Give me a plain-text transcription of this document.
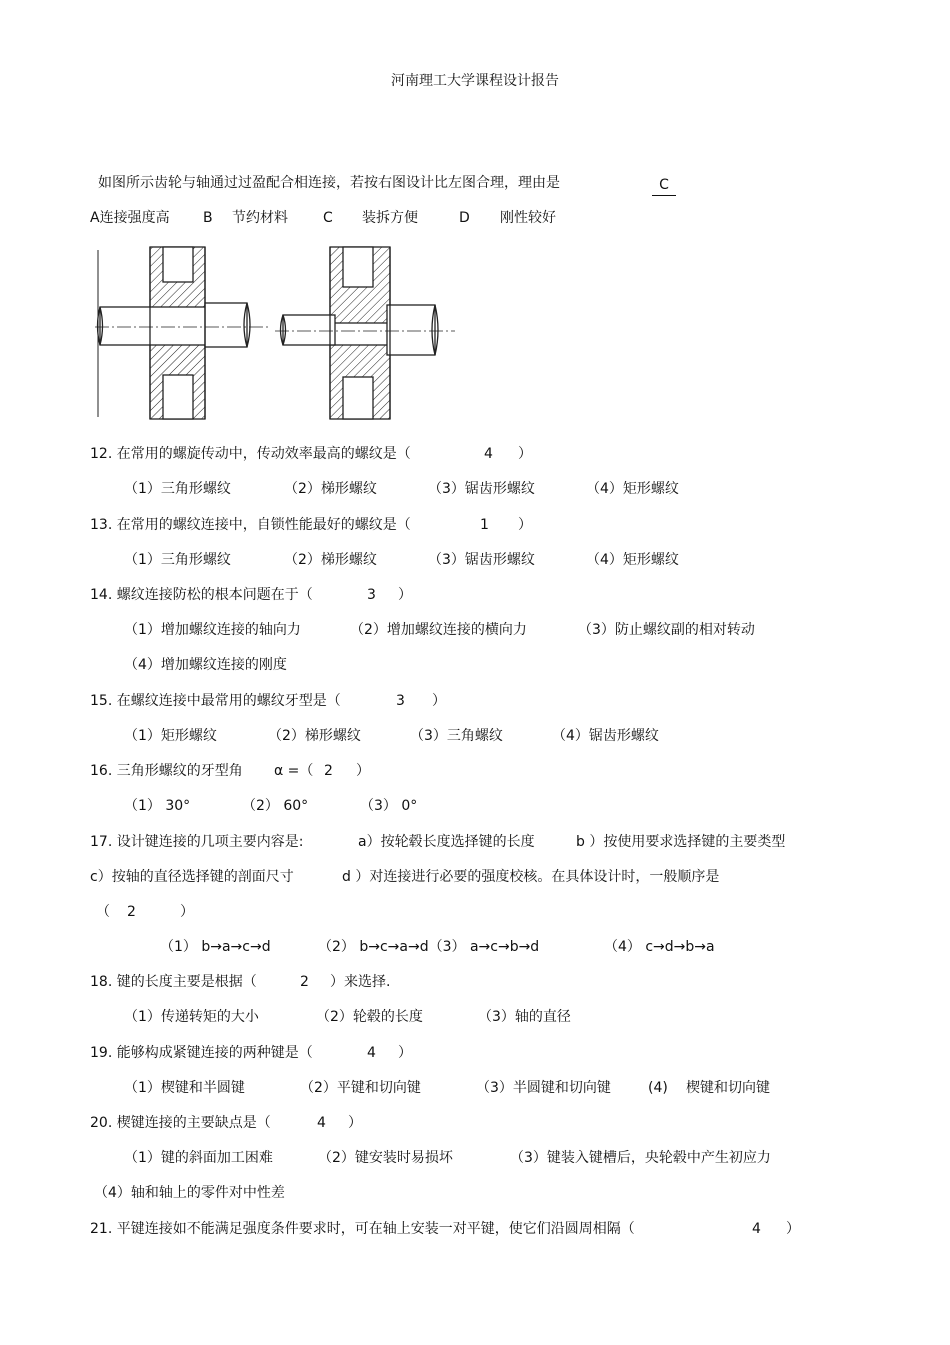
河南理工大学课程设计报告
如图所示齿轮与轴通过过盈配合相连接，若按右图设计比左图合理，理由是	C
A连接强度高 B 节约材料	C 装拆方便	D 刚性较好
12. 在常用的螺旋传动中，传动效率最高的螺纹是（	4 ）
（1）三角形螺纹	（2）梯形螺纹	（3）锯齿形螺纹	（4）矩形螺纹
13. 在常用的螺纹连接中，自锁性能最好的螺纹是（	1 ）
（1）三角形螺纹	（2）梯形螺纹	（3）锯齿形螺纹	（4）矩形螺纹
14. 螺纹连接防松的根本问题在于（	3 ）
（1）增加螺纹连接的轴向力	（2）增加螺纹连接的横向力	（3）防止螺纹副的相对转动
（4）增加螺纹连接的刚度
15. 在螺纹连接中最常用的螺纹牙型是（	3 ）
（1）矩形螺纹	（2）梯形螺纹	（3）三角螺纹	（4）锯齿形螺纹
16. 三角形螺纹的牙型角 α =（ 2 ）
（1） 30°	（2） 60°	（3） 0°
17. 设计键连接的几项主要内容是:	a）按轮毂长度选择键的长度	b ）按使用要求选择键的主要类型
c）按轴的直径选择键的剖面尺寸	d ）对连接进行必要的强度校核。在具体设计时，一般顺序是
（ 2	）
（1） b→a→c→d	（2） b→c→a→d（3） a→c→b→d	（4） c→d→b→a
18. 键的长度主要是根据（	2 ）来选择.
（1）传递转矩的大小	（2）轮毂的长度	（3）轴的直径
19. 能够构成紧键连接的两种键是（	4 ）
（1）楔键和半圆键	（2）平键和切向键	（3）半圆键和切向键	(4) 楔键和切向键
20. 楔键连接的主要缺点是（	4 ）
（1）键的斜面加工困难	（2）键安装时易损坏	（3）键装入键槽后，央轮毂中产生初应力
（4）轴和轴上的零件对中性差
21. 平键连接如不能满足强度条件要求时，可在轴上安装一对平键，使它们沿圆周相隔（	4 ）
